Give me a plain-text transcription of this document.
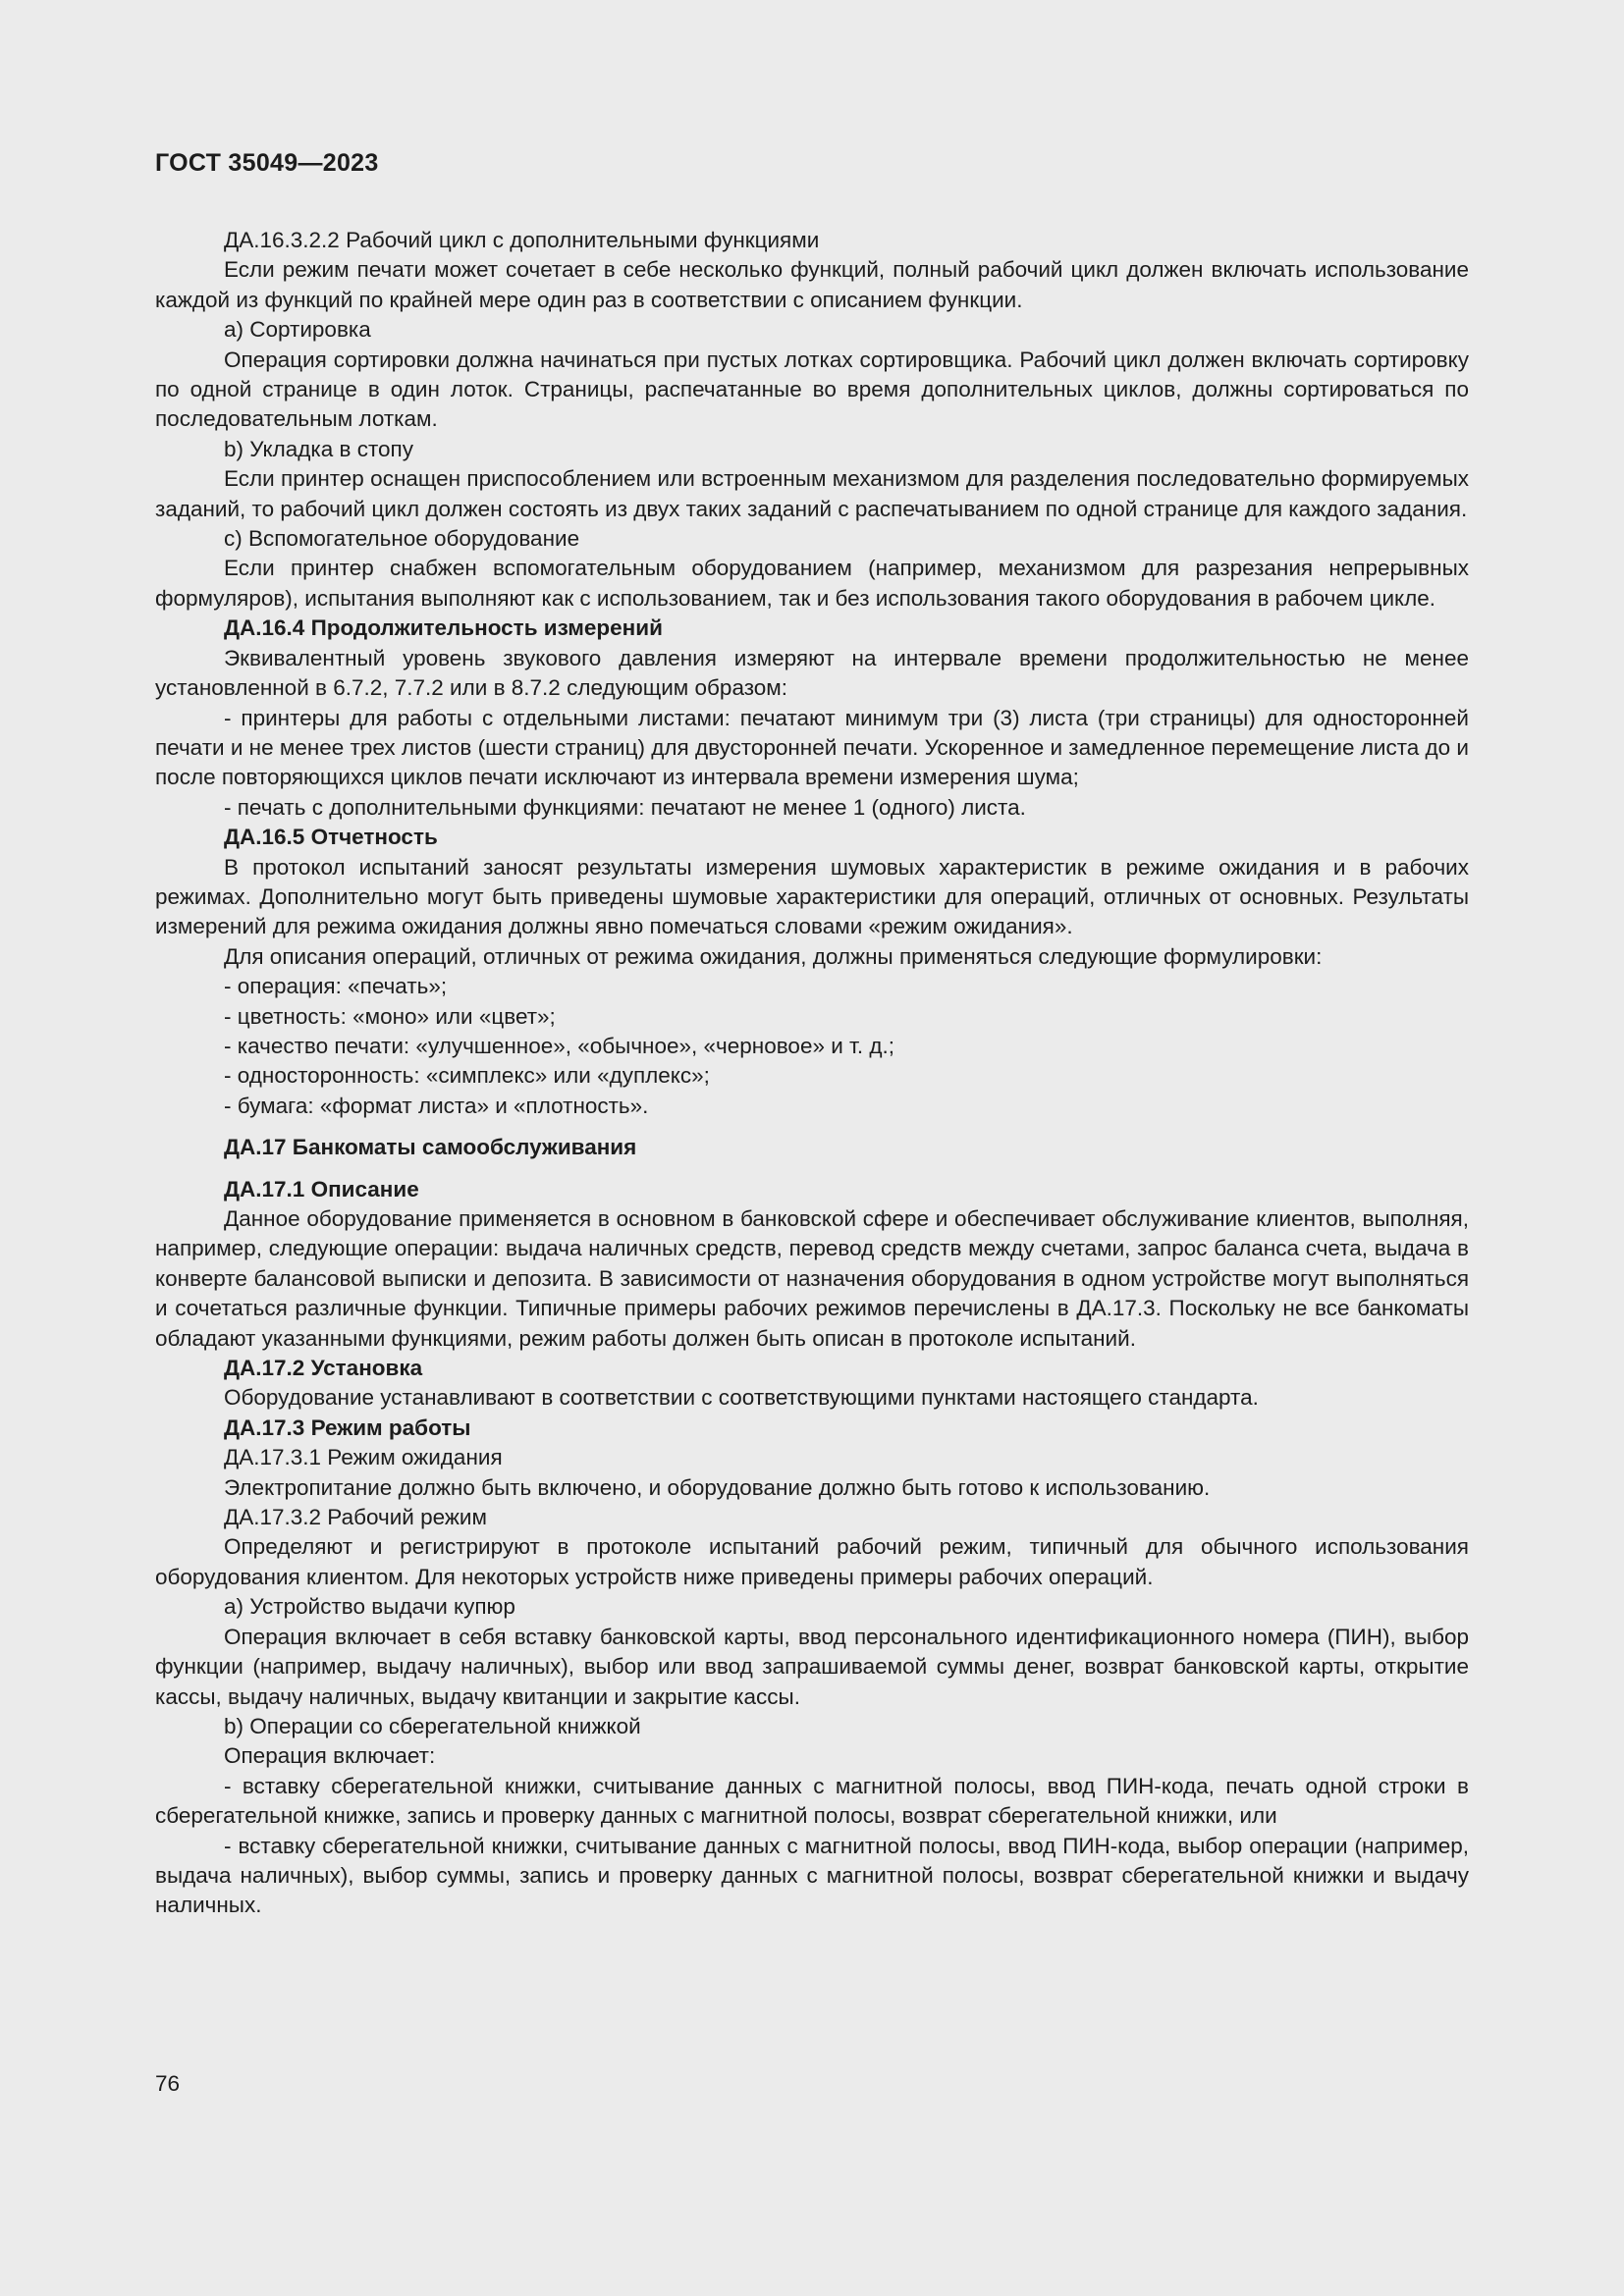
ГОСТ 35049—2023

ДА.16.3.2.2 Рабочий цикл с дополнительными функциями

Если режим печати может сочетает в себе несколько функций, полный рабочий цикл должен включать использование каждой из функций по крайней мере один раз в соответствии с описанием функции.

a) Сортировка

Операция сортировки должна начинаться при пустых лотках сортировщика. Рабочий цикл должен включать сортировку по одной странице в один лоток. Страницы, распечатанные во время дополнительных циклов, должны сортироваться по последовательным лоткам.

b) Укладка в стопу

Если принтер оснащен приспособлением или встроенным механизмом для разделения последовательно формируемых заданий, то рабочий цикл должен состоять из двух таких заданий с распечатыванием по одной странице для каждого задания.

c) Вспомогательное оборудование

Если принтер снабжен вспомогательным оборудованием (например, механизмом для разрезания непрерывных формуляров), испытания выполняют как с использованием, так и без использования такого оборудования в рабочем цикле.

ДА.16.4 Продолжительность измерений

Эквивалентный уровень звукового давления измеряют на интервале времени продолжительностью не менее установленной в 6.7.2, 7.7.2 или в 8.7.2 следующим образом:

- принтеры для работы с отдельными листами: печатают минимум три (3) листа (три страницы) для односторонней печати и не менее трех листов (шести страниц) для двусторонней печати. Ускоренное и замедленное перемещение листа до и после повторяющихся циклов печати исключают из интервала времени измерения шума;

- печать с дополнительными функциями: печатают не менее 1 (одного) листа.

ДА.16.5 Отчетность

В протокол испытаний заносят результаты измерения шумовых характеристик в режиме ожидания и в рабочих режимах. Дополнительно могут быть приведены шумовые характеристики для операций, отличных от основных. Результаты измерений для режима ожидания должны явно помечаться словами «режим ожидания».

Для описания операций, отличных от режима ожидания, должны применяться следующие формулировки:

- операция: «печать»;

- цветность: «моно» или «цвет»;

- качество печати: «улучшенное», «обычное», «черновое» и т. д.;

- односторонность: «симплекс» или «дуплекс»;

- бумага: «формат листа» и «плотность».

ДА.17 Банкоматы самообслуживания

ДА.17.1 Описание

Данное оборудование применяется в основном в банковской сфере и обеспечивает обслуживание клиентов, выполняя, например, следующие операции: выдача наличных средств, перевод средств между счетами, запрос баланса счета, выдача в конверте балансовой выписки и депозита. В зависимости от назначения оборудования в одном устройстве могут выполняться и сочетаться различные функции. Типичные примеры рабочих режимов перечислены в ДА.17.3. Поскольку не все банкоматы обладают указанными функциями, режим работы должен быть описан в протоколе испытаний.

ДА.17.2 Установка

Оборудование устанавливают в соответствии с соответствующими пунктами настоящего стандарта.

ДА.17.3 Режим работы

ДА.17.3.1 Режим ожидания

Электропитание должно быть включено, и оборудование должно быть готово к использованию.

ДА.17.3.2 Рабочий режим

Определяют и регистрируют в протоколе испытаний рабочий режим, типичный для обычного использования оборудования клиентом. Для некоторых устройств ниже приведены примеры рабочих операций.

a) Устройство выдачи купюр

Операция включает в себя вставку банковской карты, ввод персонального идентификационного номера (ПИН), выбор функции (например, выдачу наличных), выбор или ввод запрашиваемой суммы денег, возврат банковской карты, открытие кассы, выдачу наличных, выдачу квитанции и закрытие кассы.

b) Операции со сберегательной книжкой

Операция включает:

- вставку сберегательной книжки, считывание данных с магнитной полосы, ввод ПИН-кода, печать одной строки в сберегательной книжке, запись и проверку данных с магнитной полосы, возврат сберегательной книжки, или

- вставку сберегательной книжки, считывание данных с магнитной полосы, ввод ПИН-кода, выбор операции (например, выдача наличных), выбор суммы, запись и проверку данных с магнитной полосы, возврат сберегательной книжки и выдачу наличных.

76
